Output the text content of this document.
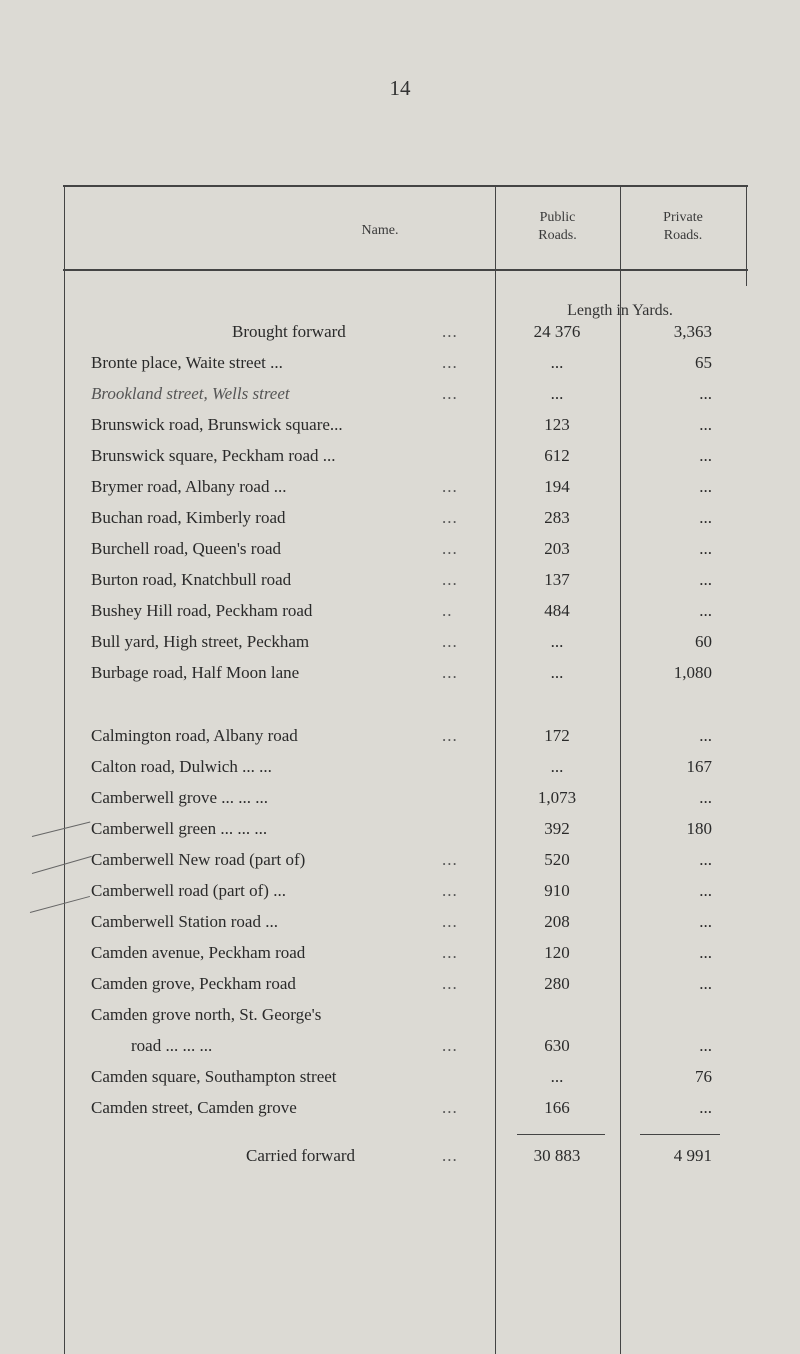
14
Name.
Public Roads.
Private Roads.
Length in Yards.
Brought forward	...	24 376	3,363
Bronte place, Waite street ...	...	...	65
Brookland street, Wells street	...	...	...
Brunswick road, Brunswick square...	123	...
Brunswick square, Peckham road ...	612	...
Brymer road, Albany road ...	...	194	...
Buchan road, Kimberly road	...	283	...
Burchell road, Queen's road	...	203	...
Burton road, Knatchbull road	...	137	...
Bushey Hill road, Peckham road	..	484	...
Bull yard, High street, Peckham	...	...	60
Burbage road, Half Moon lane	...	...	1,080
Calmington road, Albany road	...	172	...
Calton road, Dulwich ... ...	...	167
Camberwell grove ... ... ...	1,073	...
Camberwell green ... ... ...	392	180
Camberwell New road (part of)	...	520	...
Camberwell road (part of) ...	...	910	...
Camberwell Station road ...	...	208	...
Camden avenue, Peckham road	...	120	...
Camden grove, Peckham road	...	280	...
Camden grove north, St. George's
road ... ... ...	...	630	...
Camden square, Southampton street	...	76
Camden street, Camden grove	...	166	...
Carried forward	...	30 883	4 991
